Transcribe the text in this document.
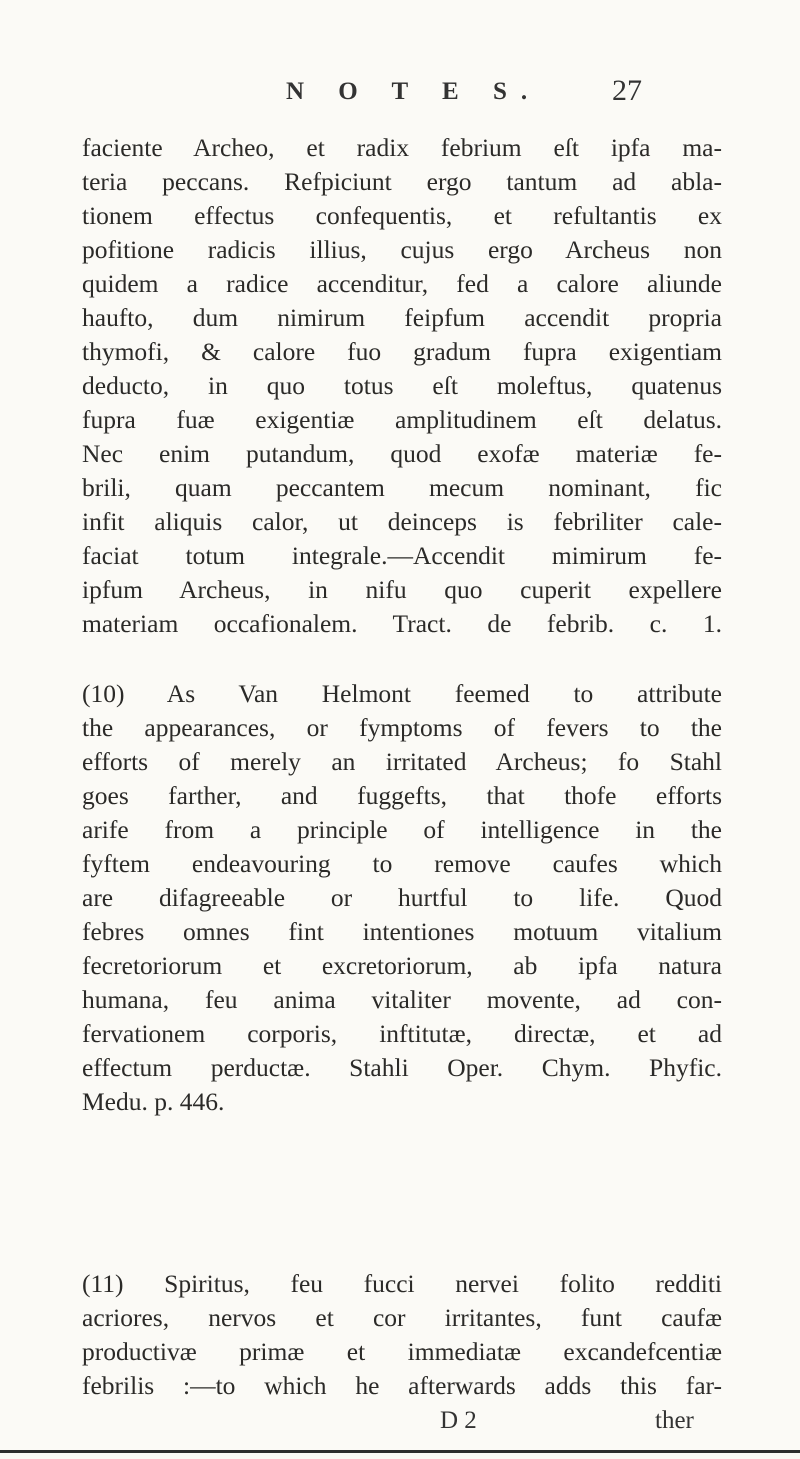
N O T E S. 27
faciente Archeo, et radix febrium eſt ipfa ma-
teria peccans. Refpiciunt ergo tantum ad abla-
tionem effectus confequentis, et refultantis ex
pofitione radicis illius, cujus ergo Archeus non
quidem a radice accenditur, fed a calore aliunde
haufto, dum nimirum feipfum accendit propria
thymofi, & calore fuo gradum fupra exigentiam
deducto, in quo totus eſt moleftus, quatenus
fupra fuæ exigentiæ amplitudinem eſt delatus.
Nec enim putandum, quod exofæ materiæ fe-
brili, quam peccantem mecum nominant, fic
infit aliquis calor, ut deinceps is febriliter cale-
faciat totum integrale.—Accendit mimirum fe-
ipfum Archeus, in nifu quo cuperit expellere
materiam occafionalem. Tract. de febrib. c. 1.
(10) As Van Helmont feemed to attribute
the appearances, or fymptoms of fevers to the
efforts of merely an irritated Archeus; fo Stahl
goes farther, and fuggefts, that thofe efforts
arife from a principle of intelligence in the
fyftem endeavouring to remove caufes which
are difagreeable or hurtful to life. Quod
febres omnes fint intentiones motuum vitalium
fecretoriorum et excretoriorum, ab ipfa natura
humana, feu anima vitaliter movente, ad con-
fervationem corporis, inftitutæ, directæ, et ad
effectum perductæ. Stahli Oper. Chym. Phyfic.
Medu. p. 446.
(11) Spiritus, feu fucci nervei folito redditi
acriores, nervos et cor irritantes, funt caufæ
productivæ primæ et immediatæ excandefcentiæ
febrilis :—to which he afterwards adds this far-
D 2	ther
